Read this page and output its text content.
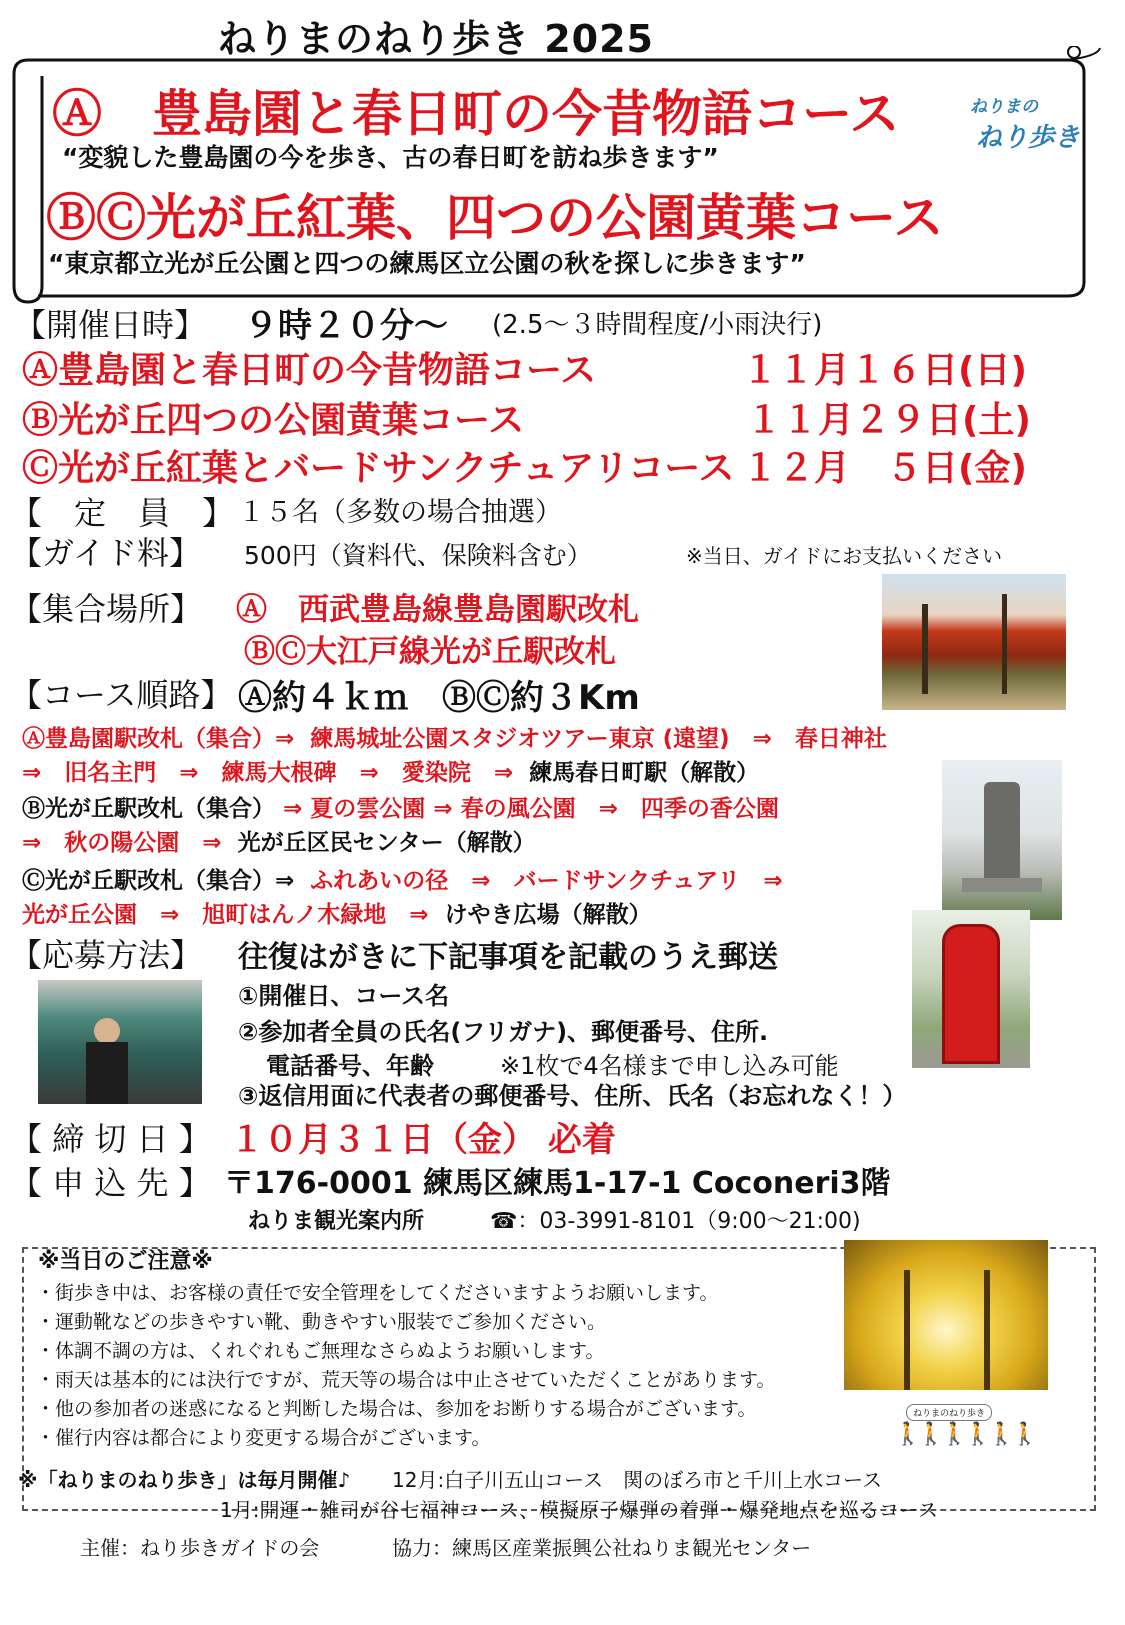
ねりまのねり歩き 2025
Ⓐ　豊島園と春日町の今昔物語コース
“変貌した豊島園の今を歩き、古の春日町を訪ね歩きます”
ⒷⒸ光が丘紅葉、四つの公園黄葉コース
“東京都立光が丘公園と四つの練馬区立公園の秋を探しに歩きます”
ねりまの
ねり歩き
【開催日時】 ９時２０分～ (2.5～３時間程度/小雨決行)
Ⓐ豊島園と春日町の今昔物語コース	１１月１６日(日)
Ⓑ光が丘四つの公園黄葉コース	１１月２９日(土)
Ⓒ光が丘紅葉とバードサンクチュアリコース １２月　５日(金)
【　定　員　】 １５名（多数の場合抽選）
【ガイド料】 500円（資料代、保険料含む）	※当日、ガイドにお支払いください
【集合場所】 Ⓐ　西武豊島線豊島園駅改札
ⒷⒸ大江戸線光が丘駅改札
【コース順路】 Ⓐ約４ｋｍ　ⒷⒸ約３Km
Ⓐ豊島園駅改札（集合）⇒ 練馬城址公園スタジオツアー東京 (遠望)　⇒　春日神社
⇒　旧名主門　⇒　練馬大根碑　⇒　愛染院　⇒ 練馬春日町駅（解散）
Ⓑ光が丘駅改札（集合） ⇒ 夏の雲公園 ⇒ 春の風公園　⇒　四季の香公園
⇒　秋の陽公園　⇒ 光が丘区民センター（解散）
Ⓒ光が丘駅改札（集合）⇒ ふれあいの径　⇒　バードサンクチュアリ　⇒
光が丘公園　⇒　旭町はんノ木緑地　⇒ けやき広場（解散）
【応募方法】 往復はがきに下記事項を記載のうえ郵送
①開催日、コース名
②参加者全員の氏名(フリガナ)、郵便番号、住所.
電話番号、年齢	※1枚で4名様まで申し込み可能
③返信用面に代表者の郵便番号、住所、氏名（お忘れなく！）
【 締 切 日 】 １０月３１日（金） 必着
【 申 込 先 】 〒176-0001 練馬区練馬1-17-1 Coconeri3階
ねりま観光案内所	☎：03-3991-8101（9:00～21:00)
※当日のご注意※
・街歩き中は、お客様の責任で安全管理をしてくださいますようお願いします。
・運動靴などの歩きやすい靴、動きやすい服装でご参加ください。
・体調不調の方は、くれぐれもご無理なさらぬようお願いします。
・雨天は基本的には決行ですが、荒天等の場合は中止させていただくことがあります。
・他の参加者の迷惑になると判断した場合は、参加をお断りする場合がございます。
・催行内容は都合により変更する場合がございます。
ねりまのねり歩き
🚶🚶🚶🚶🚶🚶
※「ねりまのねり歩き」は毎月開催♪ 12月:白子川五山コース　関のぼろ市と千川上水コース
1月:開運・雑司が谷七福神コース、模擬原子爆弾の着弾・爆発地点を巡るコース
主催：ねり歩きガイドの会	協力：練馬区産業振興公社ねりま観光センター
